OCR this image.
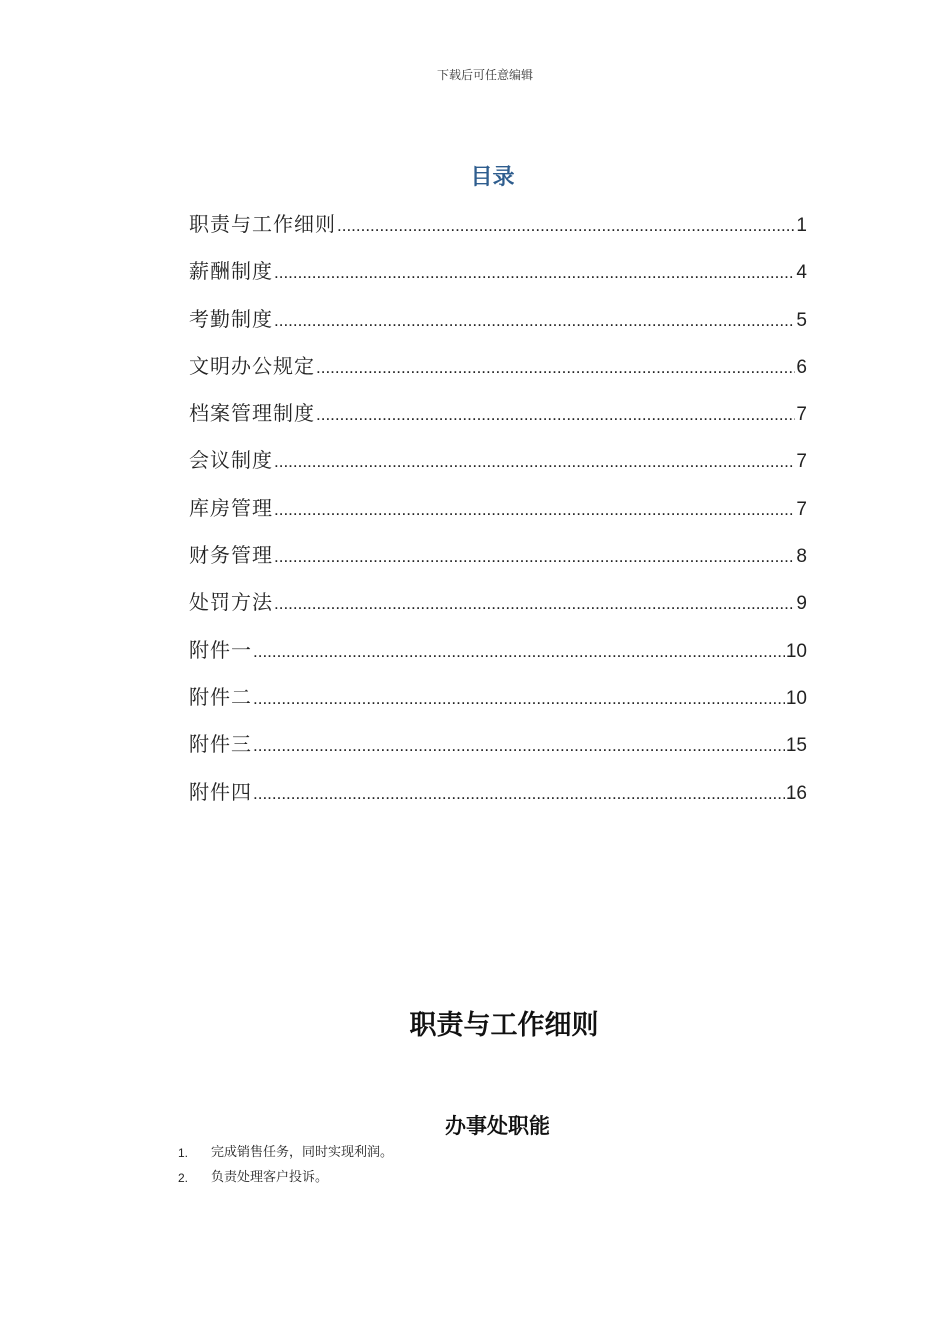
下载后可任意编辑
目录
职责与工作细则 .....	1
薪酬制度 .....	4
考勤制度 .....	5
文明办公规定 .....	6
档案管理制度 .....	7
会议制度 .....	7
库房管理 .....	7
财务管理 .....	8
处罚方法 .....	9
附件一 .....	10
附件二 .....	10
附件三 .....	15
附件四 .....	16
职责与工作细则
办事处职能
1.	完成销售任务，同时实现利润。
2.	负责处理客户投诉。
